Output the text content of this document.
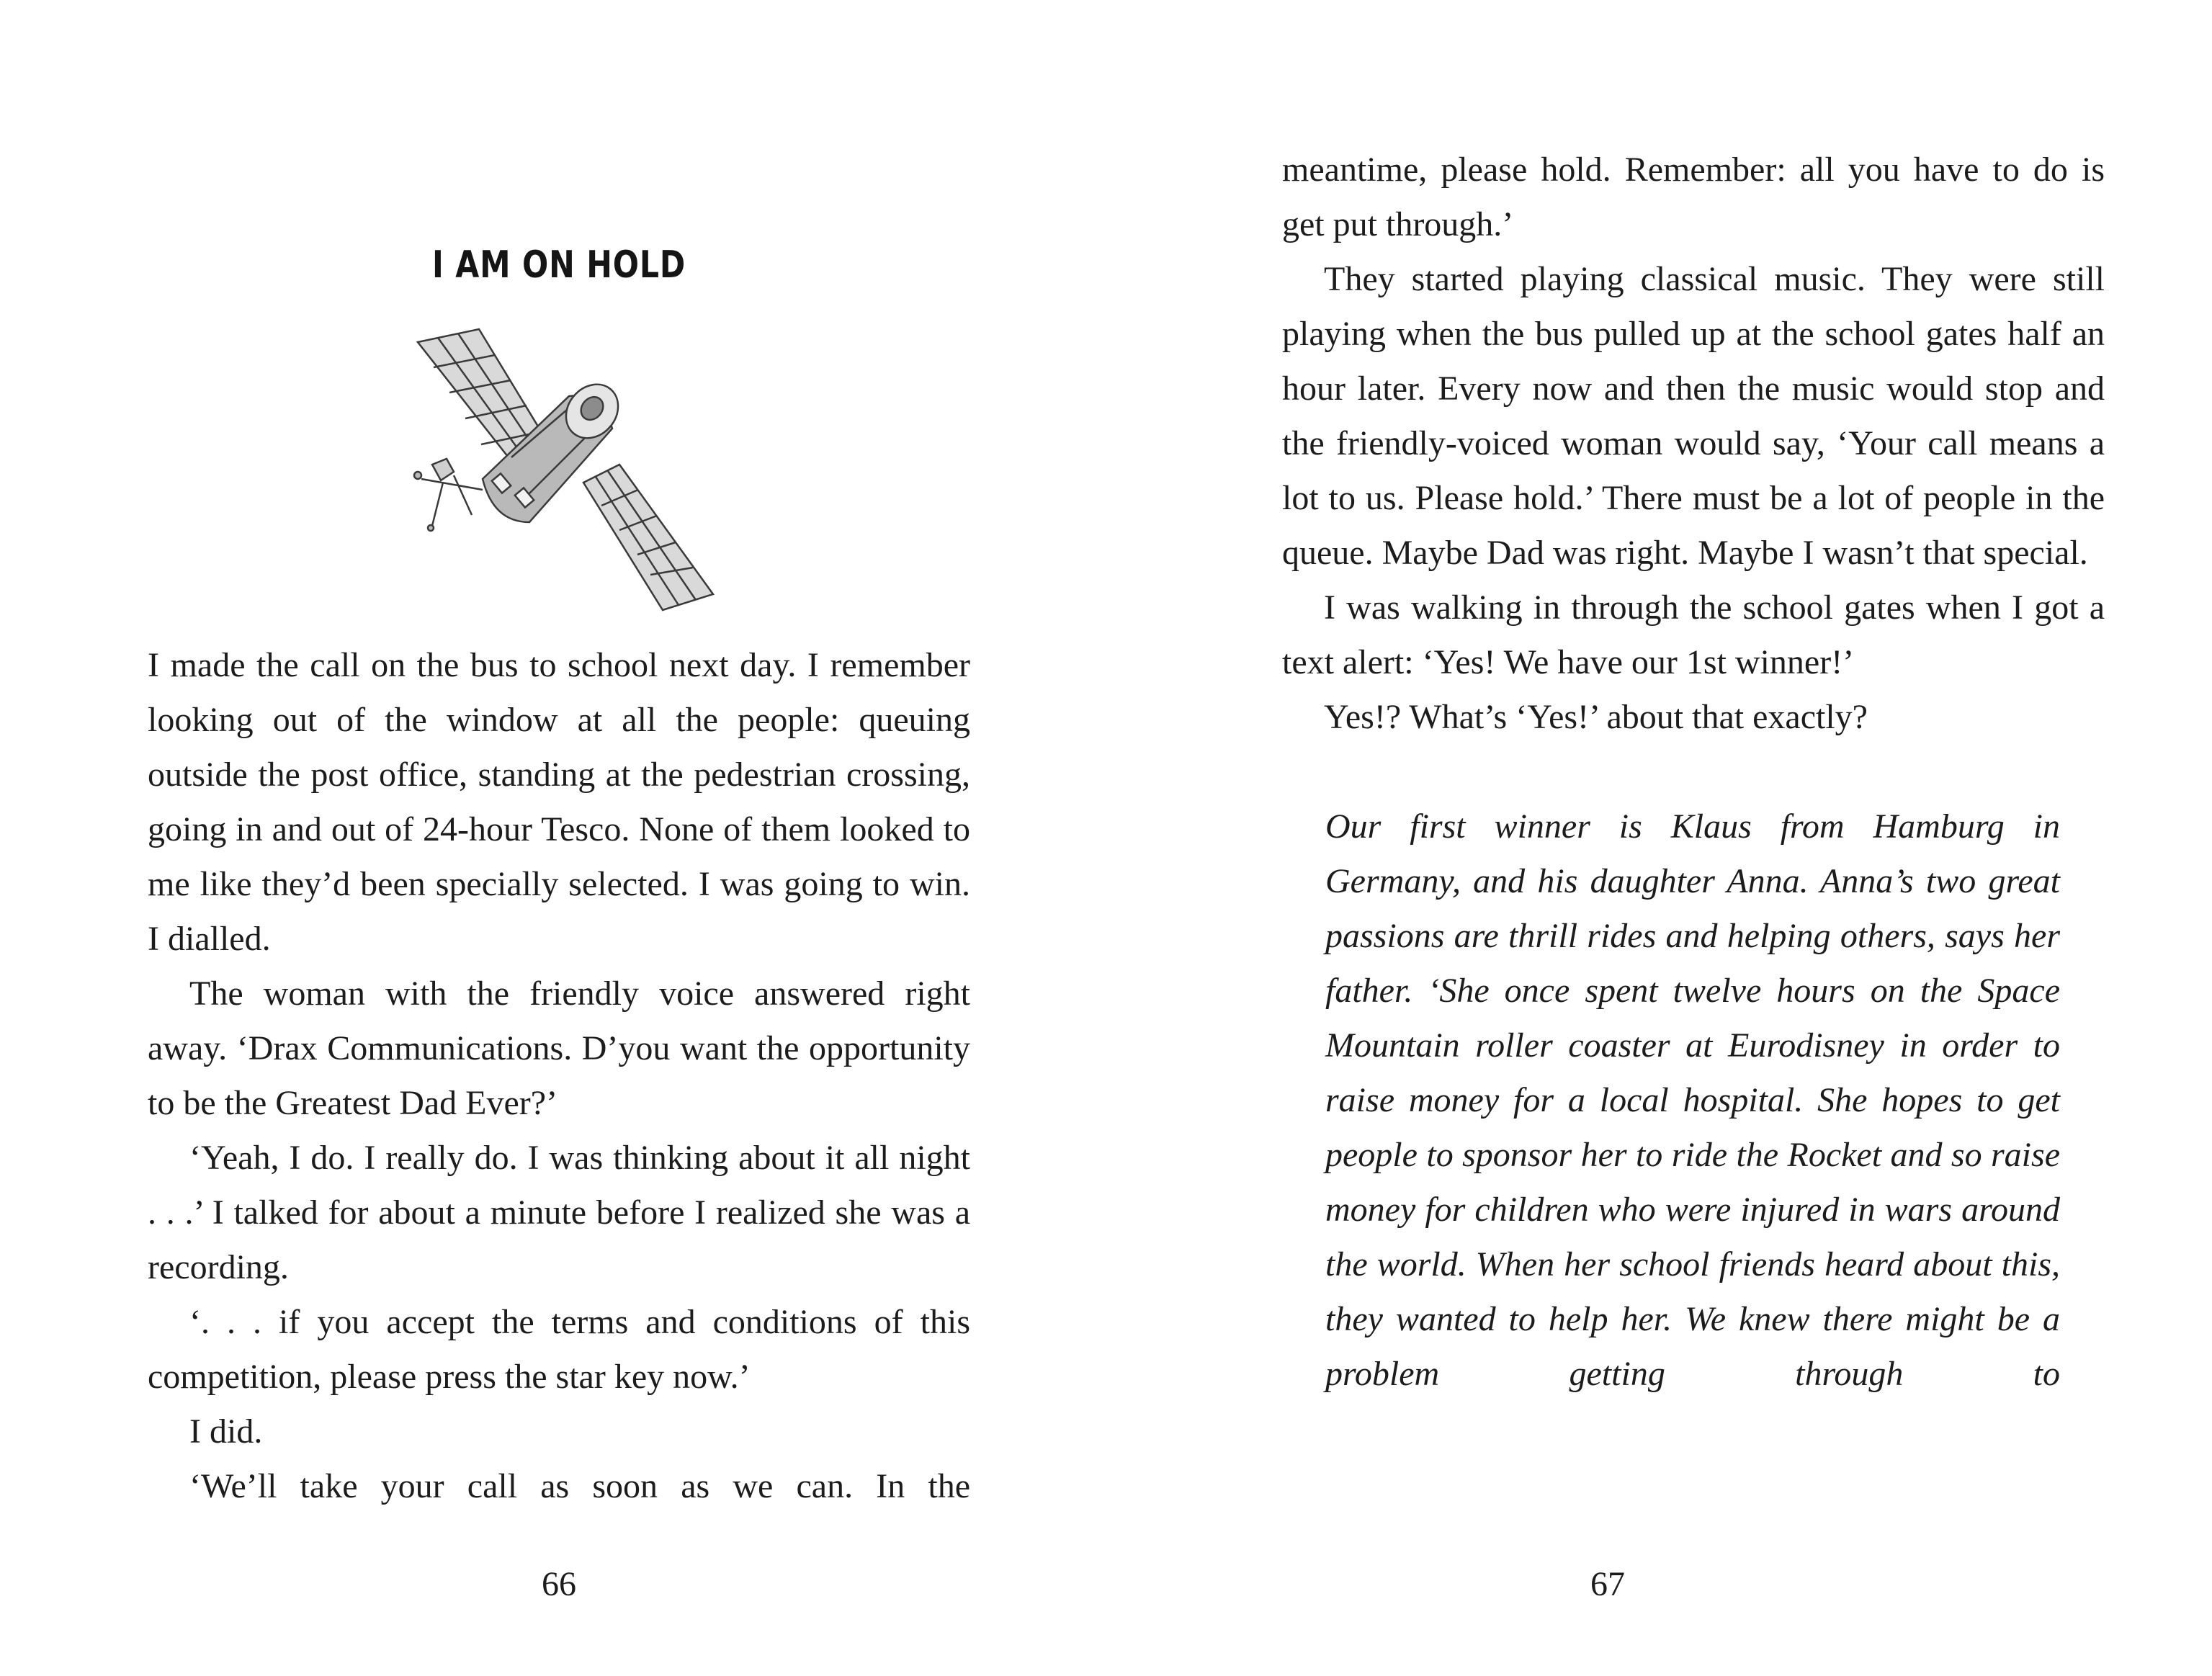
I AM ON HOLD

I made the call on the bus to school next day. I remember looking out of the window at all the people: queuing outside the post office, standing at the pedestrian crossing, going in and out of 24-hour Tesco. None of them looked to me like they’d been specially selected. I was going to win. I dialled.

The woman with the friendly voice answered right away. ‘Drax Communications. D’you want the opportunity to be the Greatest Dad Ever?’

‘Yeah, I do. I really do. I was thinking about it all night . . .’ I talked for about a minute before I realized she was a recording.

‘. . . if you accept the terms and conditions of this competition, please press the star key now.’

I did.

‘We’ll take your call as soon as we can. In the

66

meantime, please hold. Remember: all you have to do is get put through.’

They started playing classical music. They were still playing when the bus pulled up at the school gates half an hour later. Every now and then the music would stop and the friendly-voiced woman would say, ‘Your call means a lot to us. Please hold.’ There must be a lot of people in the queue. Maybe Dad was right. Maybe I wasn’t that special.

I was walking in through the school gates when I got a text alert: ‘Yes! We have our 1st winner!’

Yes!? What’s ‘Yes!’ about that exactly?

Our first winner is Klaus from Hamburg in Germany, and his daughter Anna. Anna’s two great passions are thrill rides and helping others, says her father. ‘She once spent twelve hours on the Space Mountain roller coaster at Eurodisney in order to raise money for a local hospital. She hopes to get people to sponsor her to ride the Rocket and so raise money for children who were injured in wars around the world. When her school friends heard about this, they wanted to help her. We knew there might be a problem getting through to

67
